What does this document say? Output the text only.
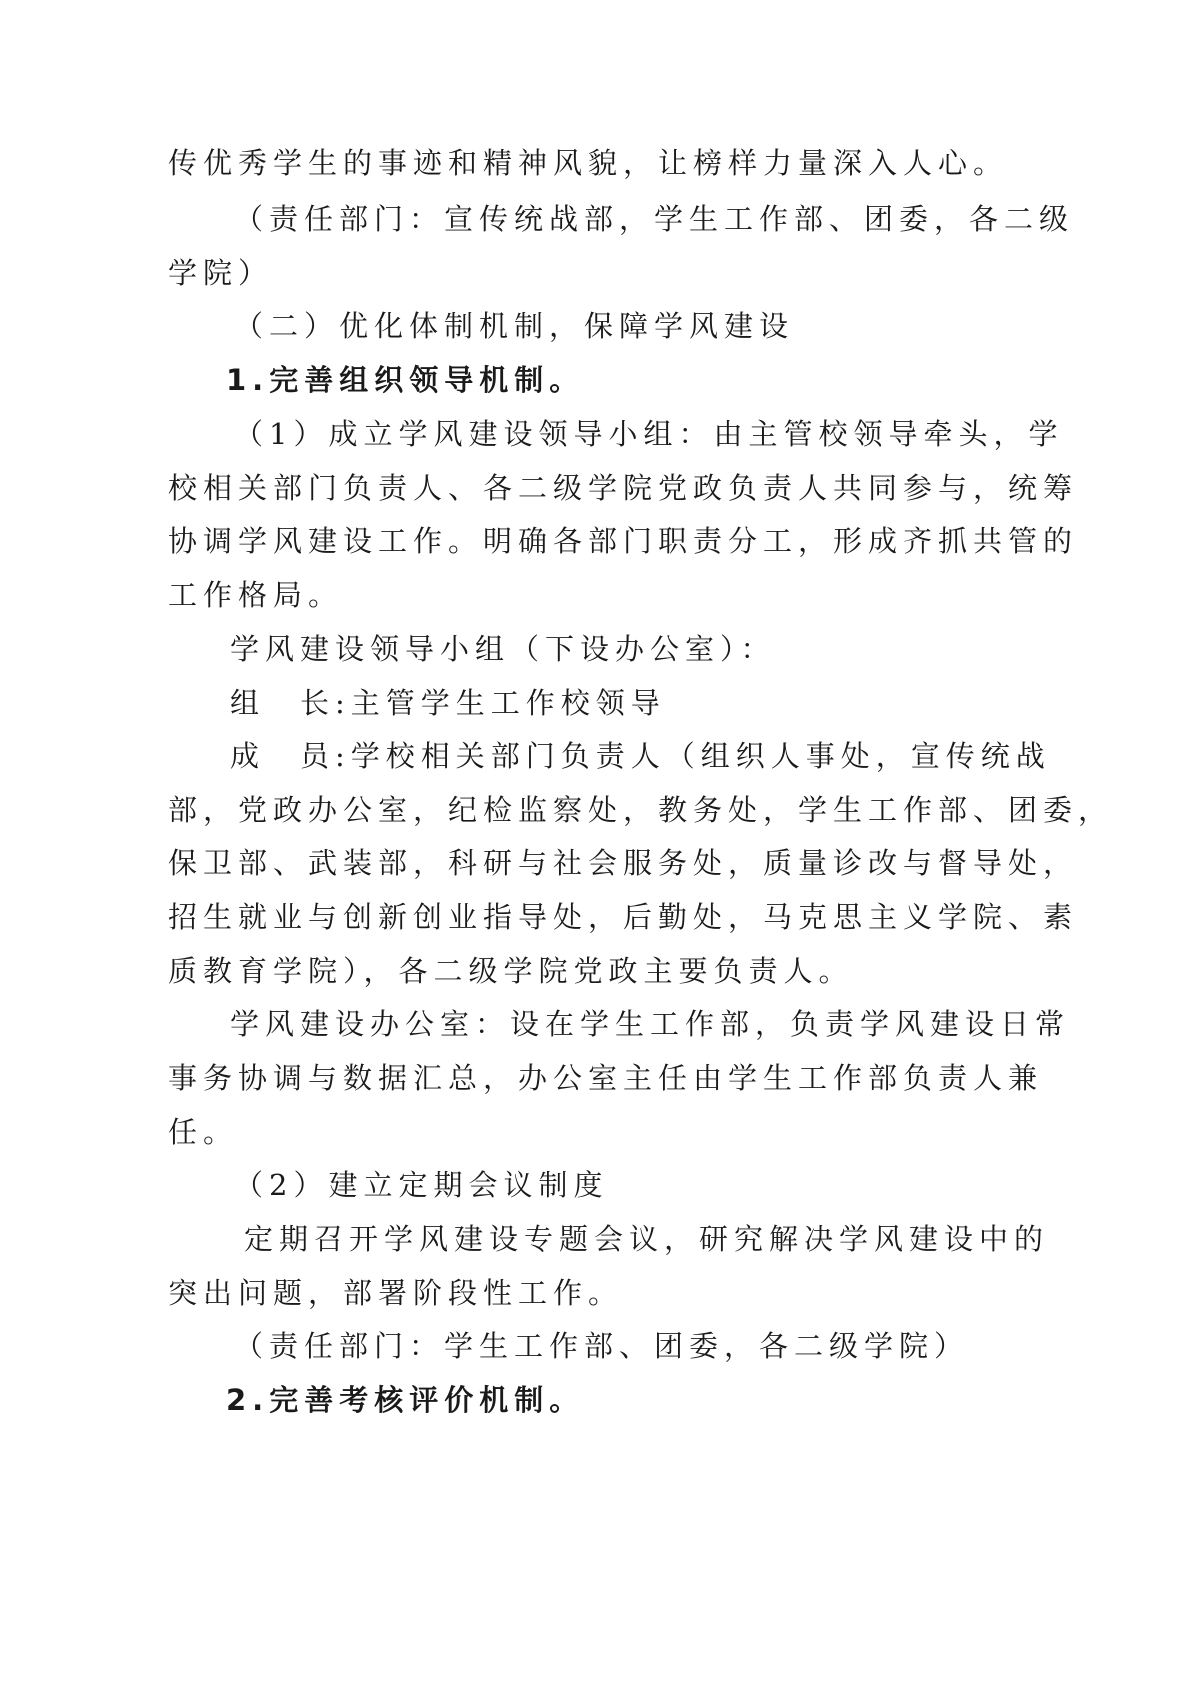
传优秀学生的事迹和精神风貌，让榜样力量深入人心。
（责任部门：宣传统战部，学生工作部、团委，各二级
学院）
（二）优化体制机制，保障学风建设
1.完善组织领导机制。
（1）成立学风建设领导小组：由主管校领导牵头，学
校相关部门负责人、各二级学院党政负责人共同参与，统筹
协调学风建设工作。明确各部门职责分工，形成齐抓共管的
工作格局。
学风建设领导小组（下设办公室）：
组　长:主管学生工作校领导
成　员:学校相关部门负责人（组织人事处，宣传统战
部，党政办公室，纪检监察处，教务处，学生工作部、团委，
保卫部、武装部，科研与社会服务处，质量诊改与督导处，
招生就业与创新创业指导处，后勤处，马克思主义学院、素
质教育学院），各二级学院党政主要负责人。
学风建设办公室：设在学生工作部，负责学风建设日常
事务协调与数据汇总，办公室主任由学生工作部负责人兼
任。
（2）建立定期会议制度
定期召开学风建设专题会议，研究解决学风建设中的
突出问题，部署阶段性工作。
（责任部门：学生工作部、团委，各二级学院）
2.完善考核评价机制。
